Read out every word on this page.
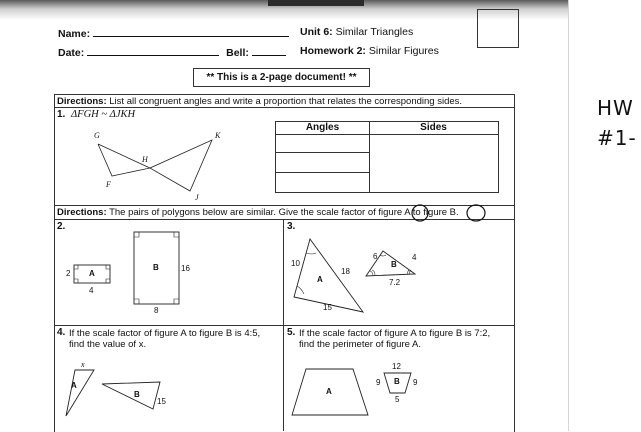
Name:	Unit 6: Similar Triangles
Date:	Bell:	Homework 2: Similar Figures
** This is a 2-page document! **
Directions: List all congruent angles and write a proportion that relates the corresponding sides.
1. ΔFGH ~ ΔJKH
G	K
H
F
J
Angles	Sides
Directions: The pairs of polygons below are similar. Give the scale factor of figure A to figure B.
2.
A
2
4
B	16
8
3.
10
18
15
A
6	4
7.2
B
4. If the scale factor of figure A to figure B is 4:5, find the value of x.
x
A
B
15
5. If the scale factor of figure A to figure B is 7:2, find the perimeter of figure A.
A
B
12
9	9
5
HW
#1-
